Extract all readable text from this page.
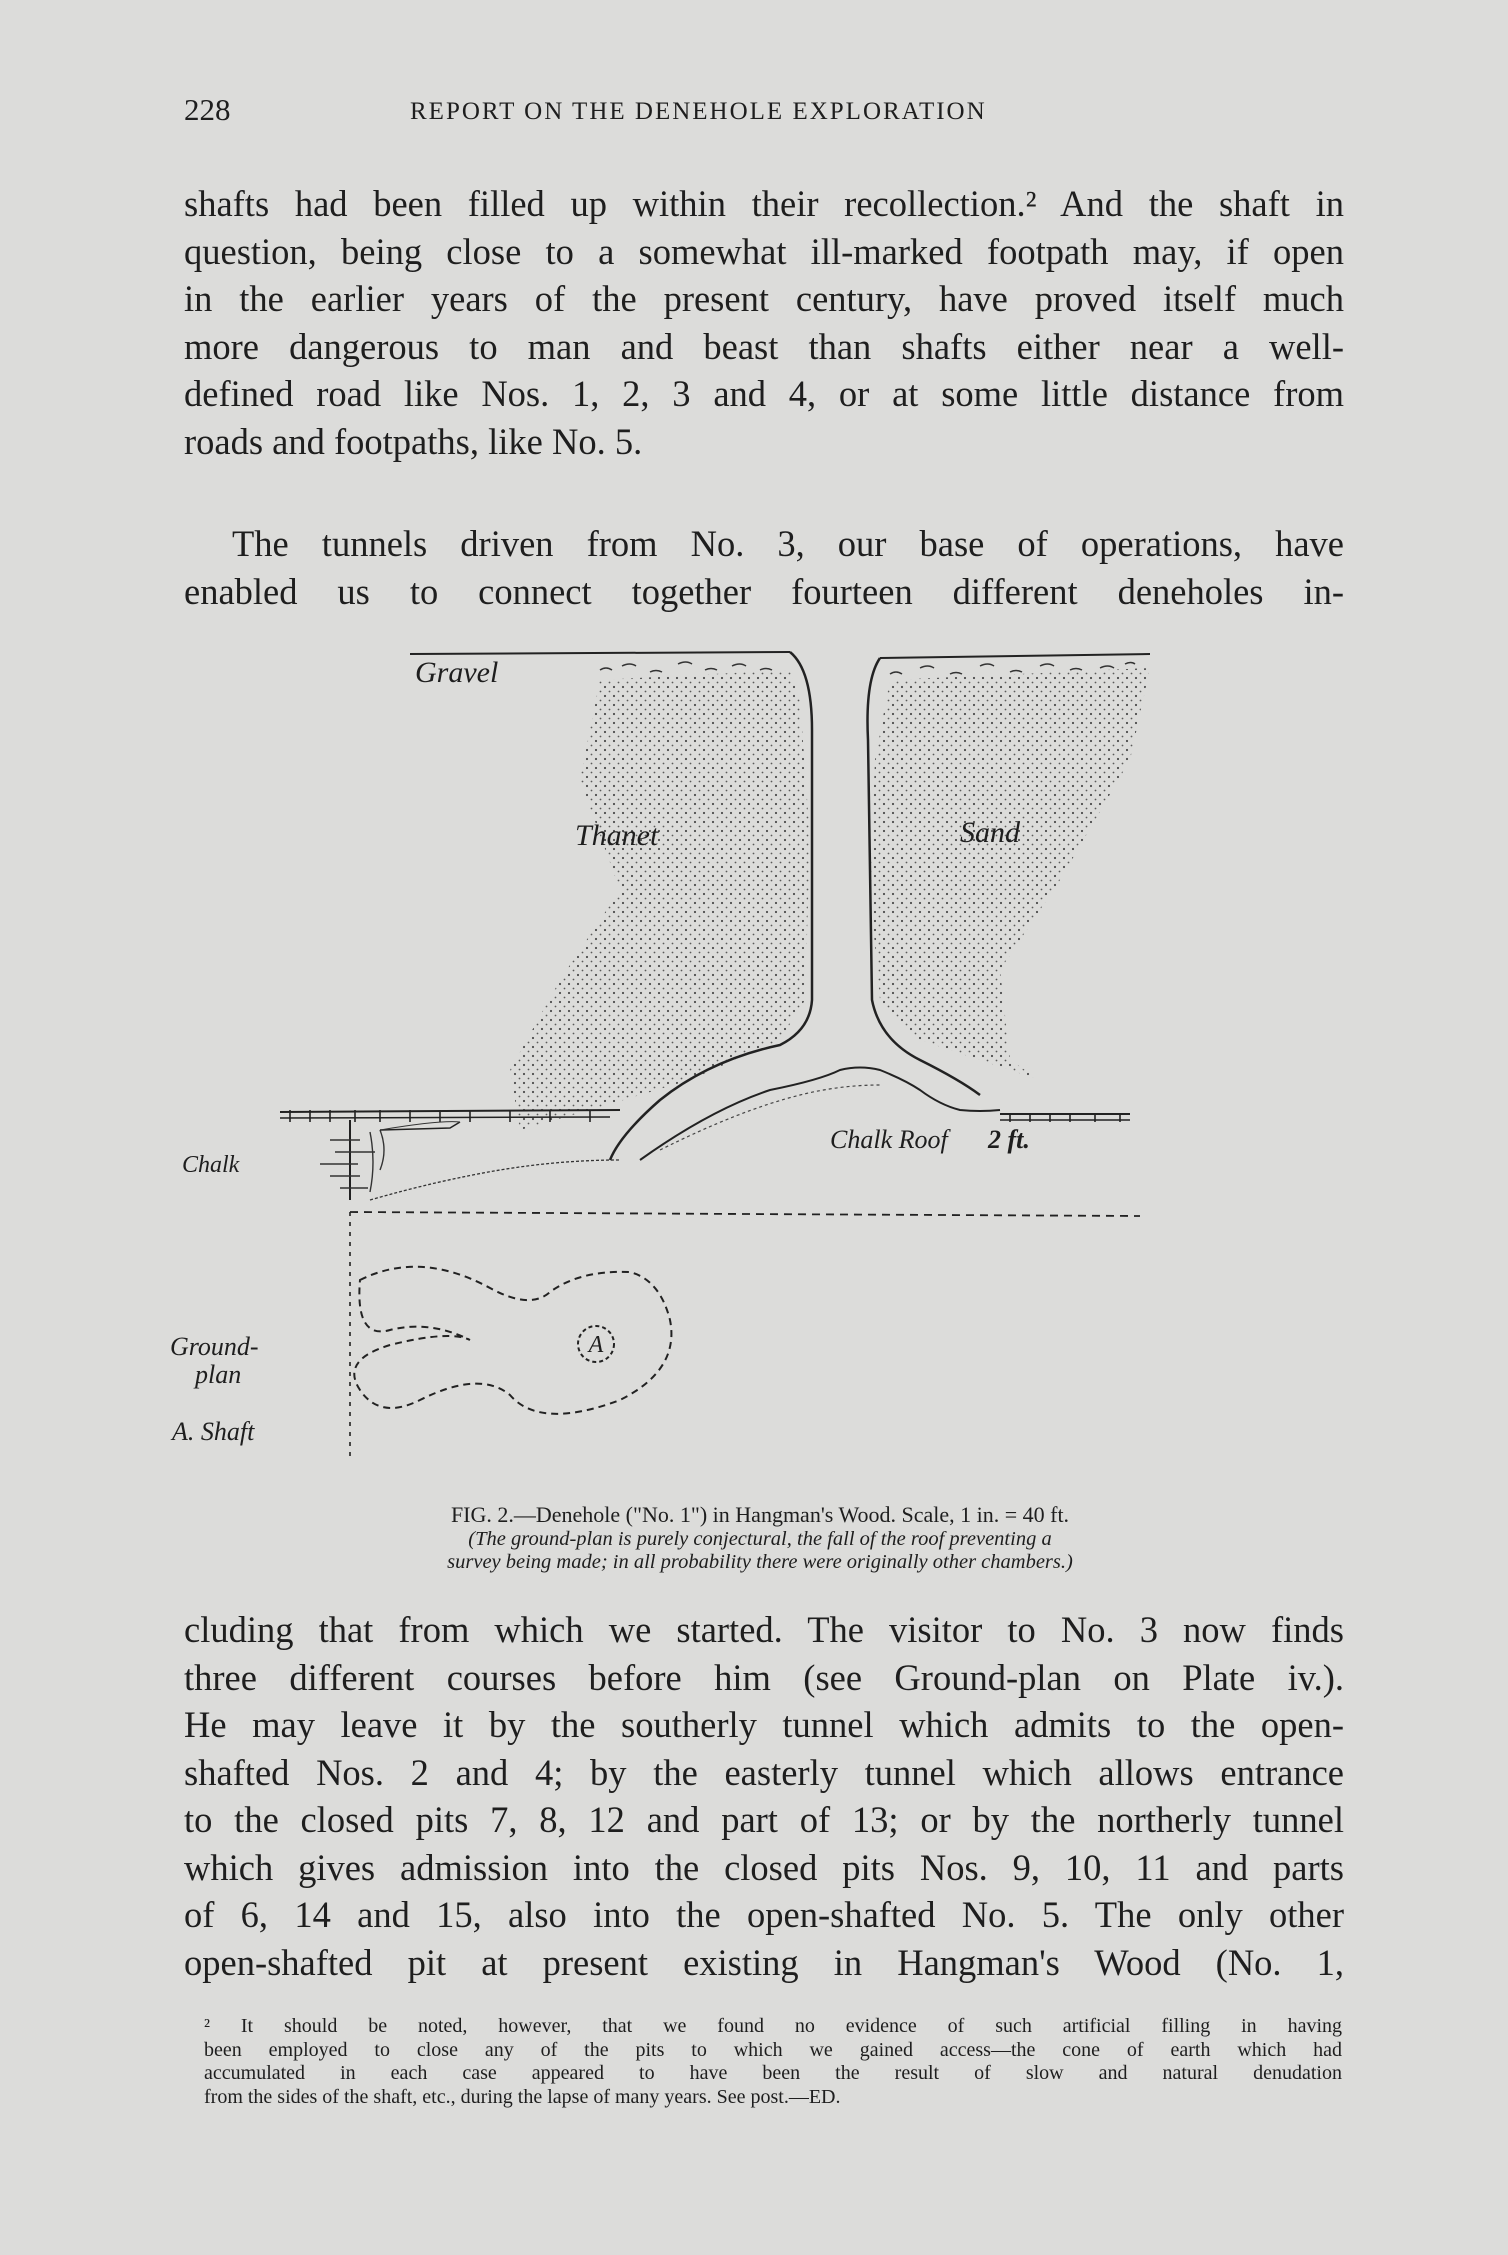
228	REPORT ON THE DENEHOLE EXPLORATION
shafts had been filled up within their recollection.² And the shaft in
question, being close to a somewhat ill-marked footpath may, if open
in the earlier years of the present century, have proved itself much
more dangerous to man and beast than shafts either near a well-
defined road like Nos. 1, 2, 3 and 4, or at some little distance from
roads and footpaths, like No. 5.
The tunnels driven from No. 3, our base of operations, have
enabled us to connect together fourteen different deneholes in-
A
Gravel
Thanet	Sand
Chalk
Chalk Roof 2 ft.
Ground-
plan
A. Shaft
FIG. 2.—Denehole ("No. 1") in Hangman's Wood. Scale, 1 in. = 40 ft.
(The ground-plan is purely conjectural, the fall of the roof preventing a
survey being made; in all probability there were originally other chambers.)
cluding that from which we started. The visitor to No. 3 now finds
three different courses before him (see Ground-plan on Plate iv.).
He may leave it by the southerly tunnel which admits to the open-
shafted Nos. 2 and 4; by the easterly tunnel which allows entrance
to the closed pits 7, 8, 12 and part of 13; or by the northerly tunnel
which gives admission into the closed pits Nos. 9, 10, 11 and parts
of 6, 14 and 15, also into the open-shafted No. 5. The only other
open-shafted pit at present existing in Hangman's Wood (No. 1,
² It should be noted, however, that we found no evidence of such artificial filling in having
been employed to close any of the pits to which we gained access—the cone of earth which had
accumulated in each case appeared to have been the result of slow and natural denudation
from the sides of the shaft, etc., during the lapse of many years. See post.—ED.
